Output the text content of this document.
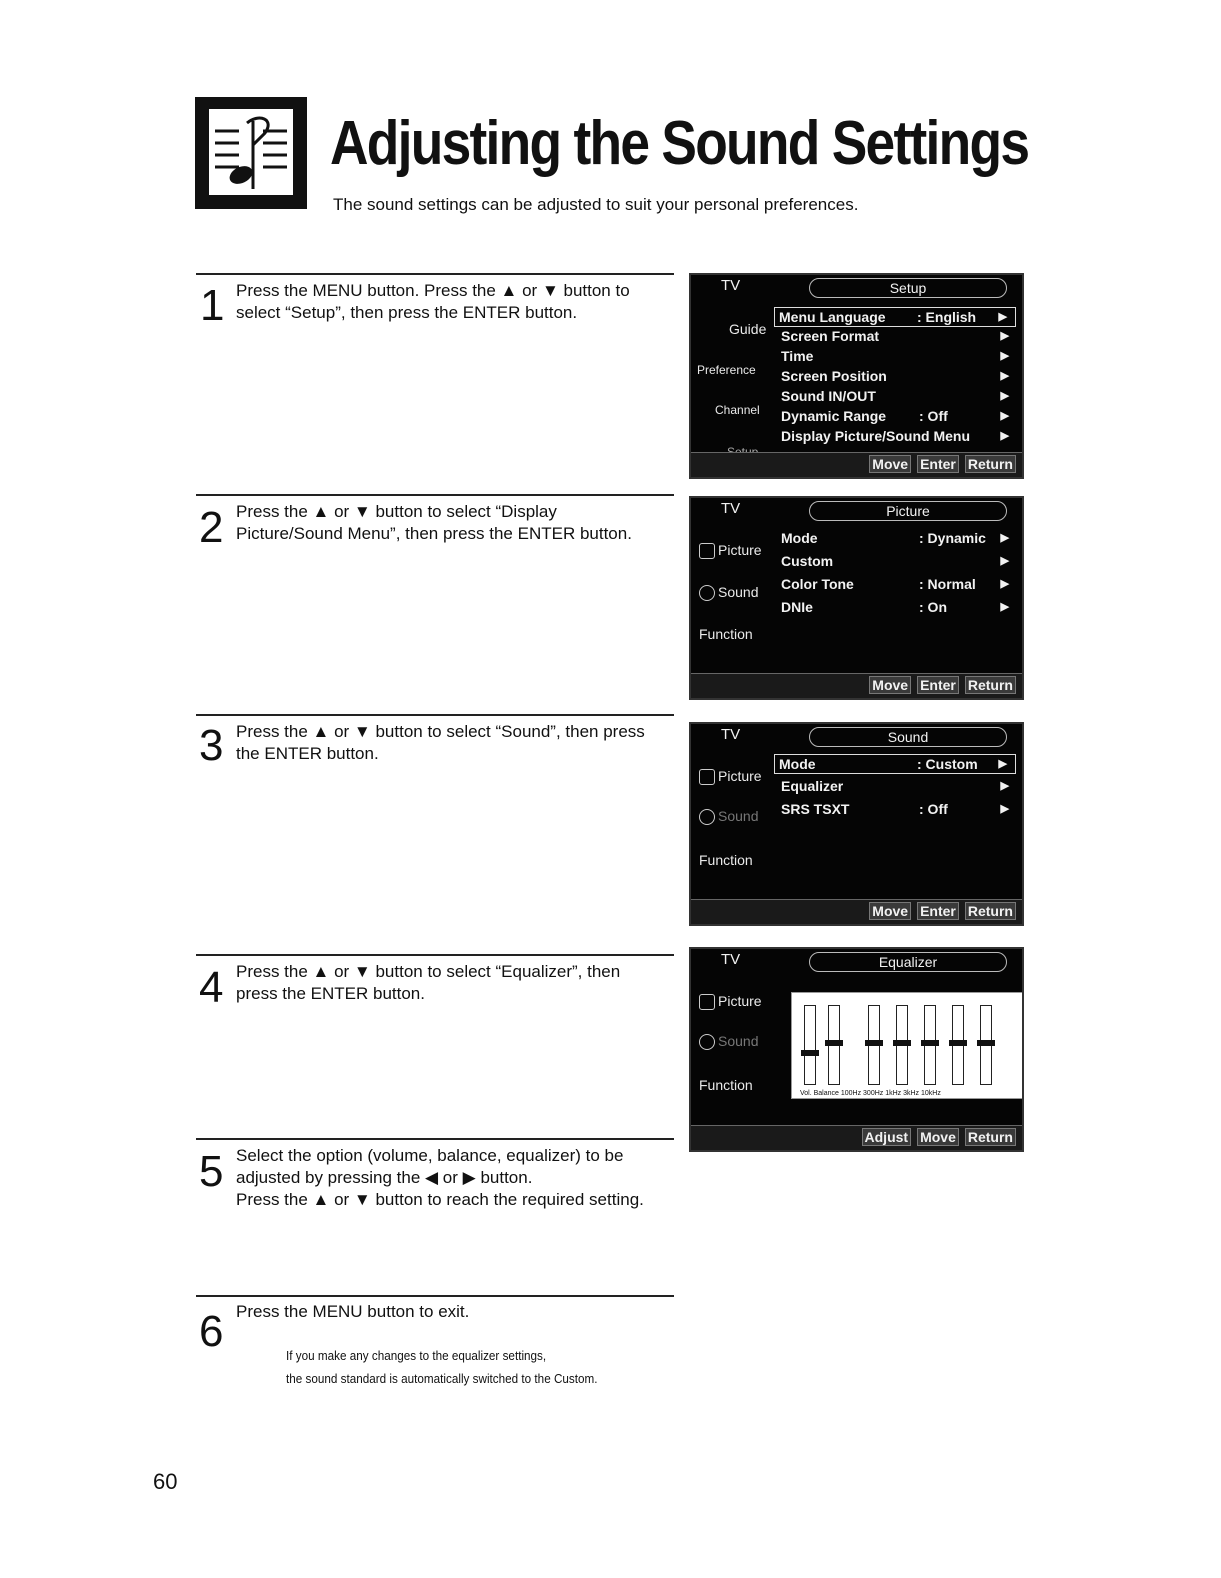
Adjusting the Sound Settings
The sound settings can be adjusted to suit your personal preferences.
1 Press the MENU button. Press the ▲ or ▼ button to select “Setup”, then press the ENTER button.
2 Press the ▲ or ▼ button to select “Display Picture/Sound Menu”, then press the ENTER button.
3 Press the ▲ or ▼ button to select “Sound”, then press the ENTER button.
4 Press the ▲ or ▼ button to select “Equalizer”, then press the ENTER button.
5 Select the option (volume, balance, equalizer) to be adjusted by pressing the ◀ or ▶ button.
Press the ▲ or ▼ button to reach the required setting.
6 Press the MENU button to exit.
If you make any changes to the equalizer settings,
the sound standard is automatically switched to the Custom.
60
TV	Setup
Guide
Preference
Channel
Menu Language : English ▶
Screen Format	▶
Time	▶
Screen Position	▶
Sound IN/OUT	▶
Dynamic Range : Off	▶
Display Picture/Sound Menu	▶
Move Enter Return
TV	Picture
Picture
Sound
Function
Mode	: Dynamic ▶
Custom	▶
Color Tone	: Normal ▶
DNIe	: On	▶
Move Enter Return
TV	Sound
Picture
Sound
Function
Mode	: Custom ▶
Equalizer	▶
SRS TSXT	: Off	▶
Move Enter Return
TV	Equalizer
Picture
Sound
Function
Vol. Balance 100Hz 300Hz 1kHz 3kHz 10kHz
Adjust Move Return
